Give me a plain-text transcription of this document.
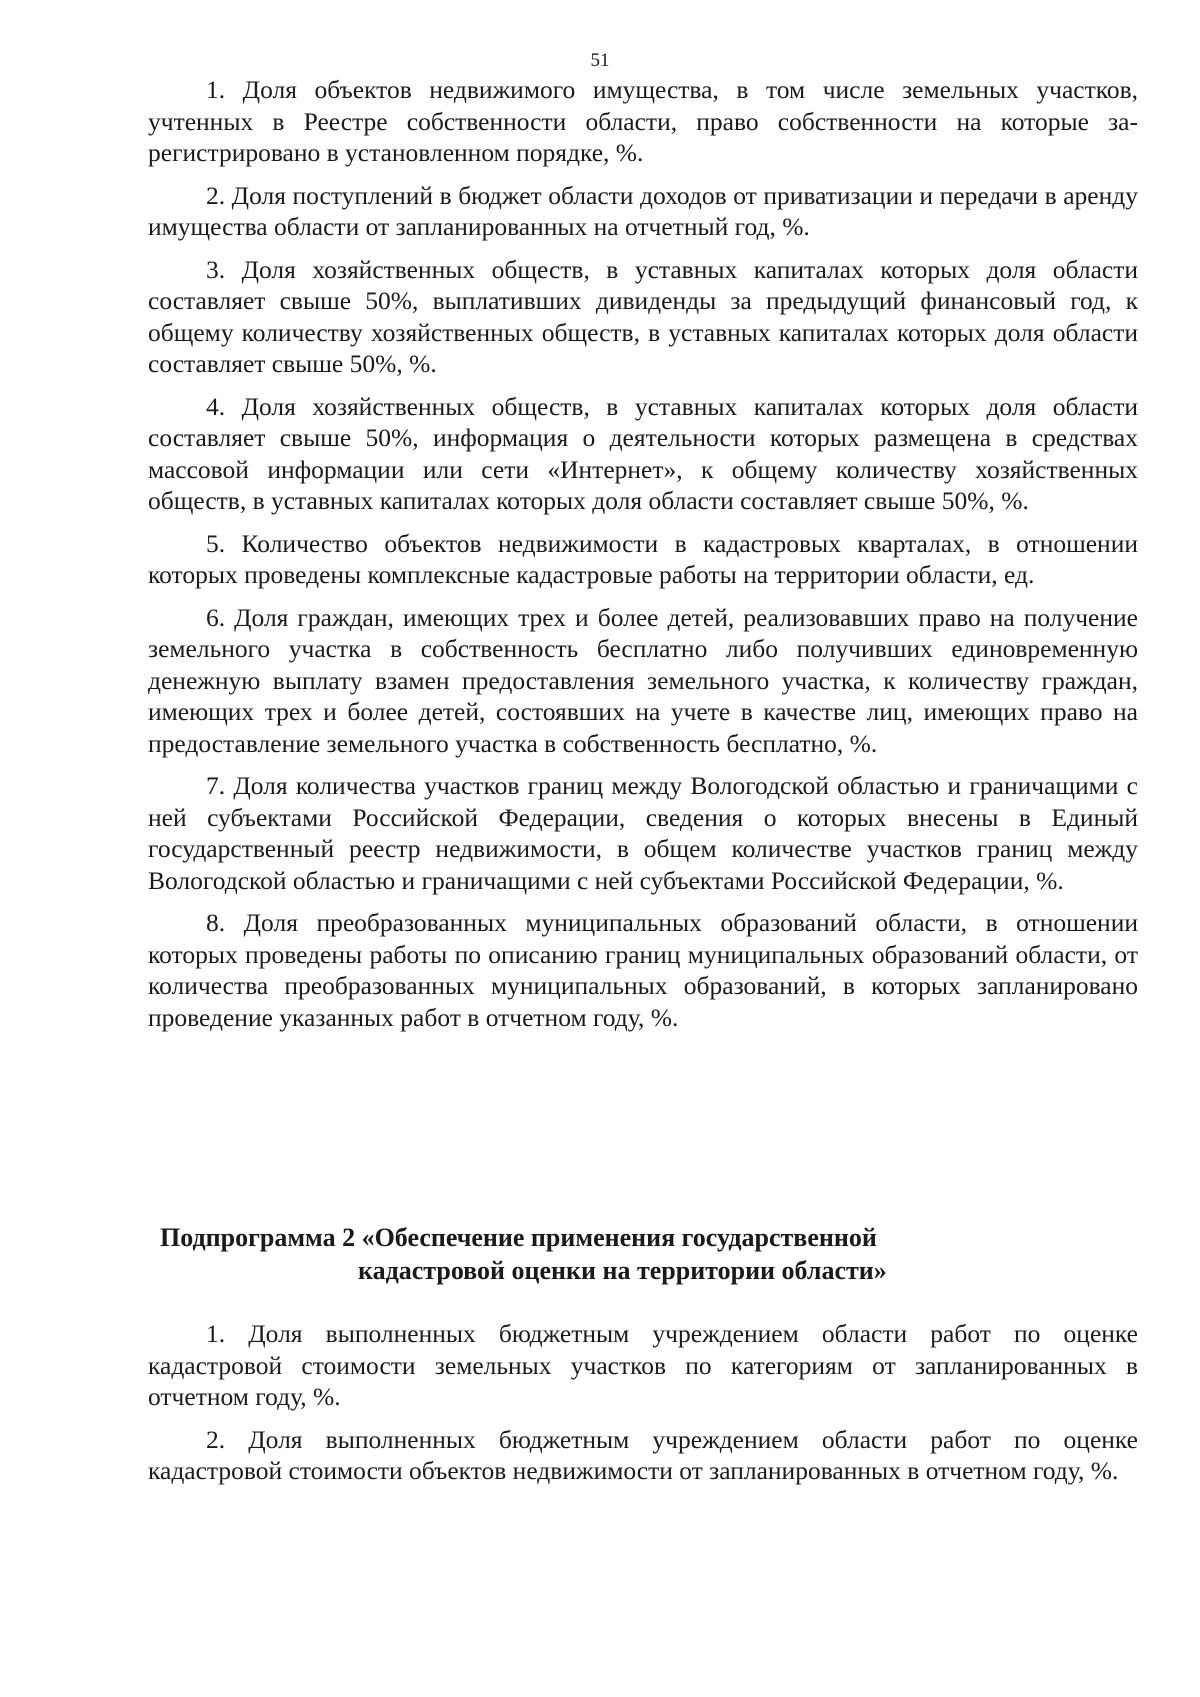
51

1. Доля объектов недвижимого имущества, в том числе земельных участков, учтенных в Реестре собственности области, право собственности на которые зарегистрировано в установленном порядке, %.

2. Доля поступлений в бюджет области доходов от приватизации и передачи в аренду имущества области от запланированных на отчетный год, %.

3. Доля хозяйственных обществ, в уставных капиталах которых доля области составляет свыше 50%, выплативших дивиденды за предыдущий финансовый год, к общему количеству хозяйственных обществ, в уставных капиталах которых доля области составляет свыше 50%, %.

4. Доля хозяйственных обществ, в уставных капиталах которых доля области составляет свыше 50%, информация о деятельности которых размещена в средствах массовой информации или сети «Интернет», к общему количеству хозяйственных обществ, в уставных капиталах которых доля области составляет свыше 50%, %.

5. Количество объектов недвижимости в кадастровых кварталах, в отношении которых проведены комплексные кадастровые работы на территории области, ед.

6. Доля граждан, имеющих трех и более детей, реализовавших право на получение земельного участка в собственность бесплатно либо получивших единовременную денежную выплату взамен предоставления земельного участка, к количеству граждан, имеющих трех и более детей, состоявших на учете в качестве лиц, имеющих право на предоставление земельного участка в собственность бесплатно, %.

7. Доля количества участков границ между Вологодской областью и граничащими с ней субъектами Российской Федерации, сведения о которых внесены в Единый государственный реестр недвижимости, в общем количестве участков границ между Вологодской областью и граничащими с ней субъектами Российской Федерации, %.

8. Доля преобразованных муниципальных образований области, в отношении которых проведены работы по описанию границ муниципальных образований области, от количества преобразованных муниципальных образований, в которых запланировано проведение указанных работ в отчетном году, %.

Подпрограмма 2 «Обеспечение применения государственной
кадастровой оценки на территории области»

1. Доля выполненных бюджетным учреждением области работ по оценке кадастровой стоимости земельных участков по категориям от запланированных в отчетном году, %.

2. Доля выполненных бюджетным учреждением области работ по оценке кадастровой стоимости объектов недвижимости от запланированных в отчетном году, %.
